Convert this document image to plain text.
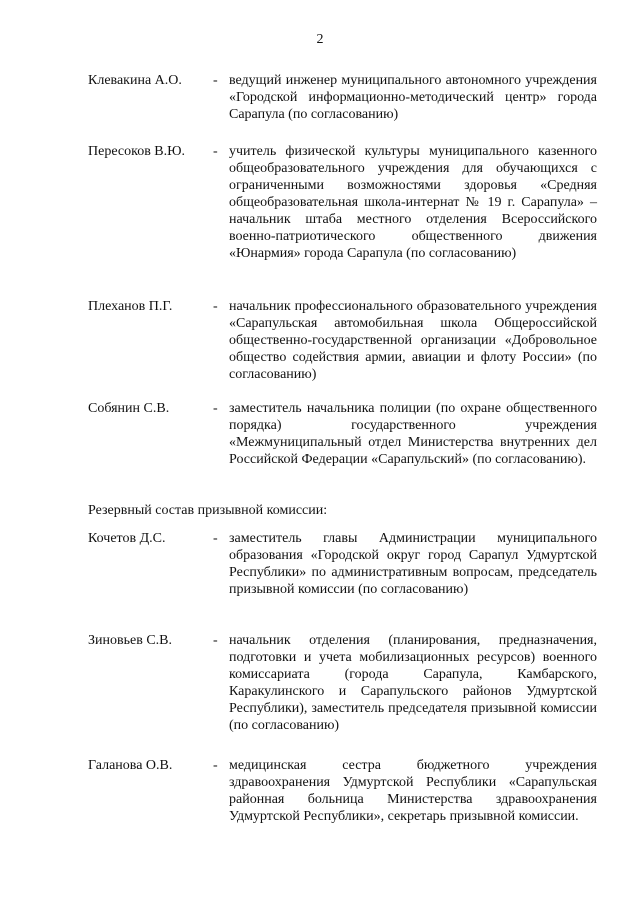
2
Клевакина А.О. - ведущий инженер муниципального автономного учреждения «Городской информационно-методический центр» города Сарапула (по согласованию)
Пересоков В.Ю. - учитель физической культуры муниципального казенного общеобразовательного учреждения для обучающихся с ограниченными возможностями здоровья «Средняя общеобразовательная школа-интернат № 19 г. Сарапула» – начальник штаба местного отделения Всероссийского военно-патриотического общественного движения «Юнармия» города Сарапула (по согласованию)
Плеханов П.Г.	- начальник профессионального образовательного учреждения «Сарапульская автомобильная школа Общероссийской общественно-государственной организации «Добровольное общество содействия армии, авиации и флоту России» (по согласованию)
Собянин С.В.	- заместитель начальника полиции (по охране общественного порядка) государственного учреждения «Межмуниципальный отдел Министерства внутренних дел Российской Федерации «Сарапульский» (по согласованию).
Резервный состав призывной комиссии:
Кочетов Д.С.	- заместитель главы Администрации муниципального образования «Городской округ город Сарапул Удмуртской Республики» по административным вопросам, председатель призывной комиссии (по согласованию)
Зиновьев С.В.	- начальник отделения (планирования, предназначения, подготовки и учета мобилизационных ресурсов) военного комиссариата (города Сарапула, Камбарского, Каракулинского и Сарапульского районов Удмуртской Республики), заместитель председателя призывной комиссии (по согласованию)
Галанова О.В.	- медицинская сестра бюджетного учреждения здравоохранения Удмуртской Республики «Сарапульская районная больница Министерства здравоохранения Удмуртской Республики», секретарь призывной комиссии.
